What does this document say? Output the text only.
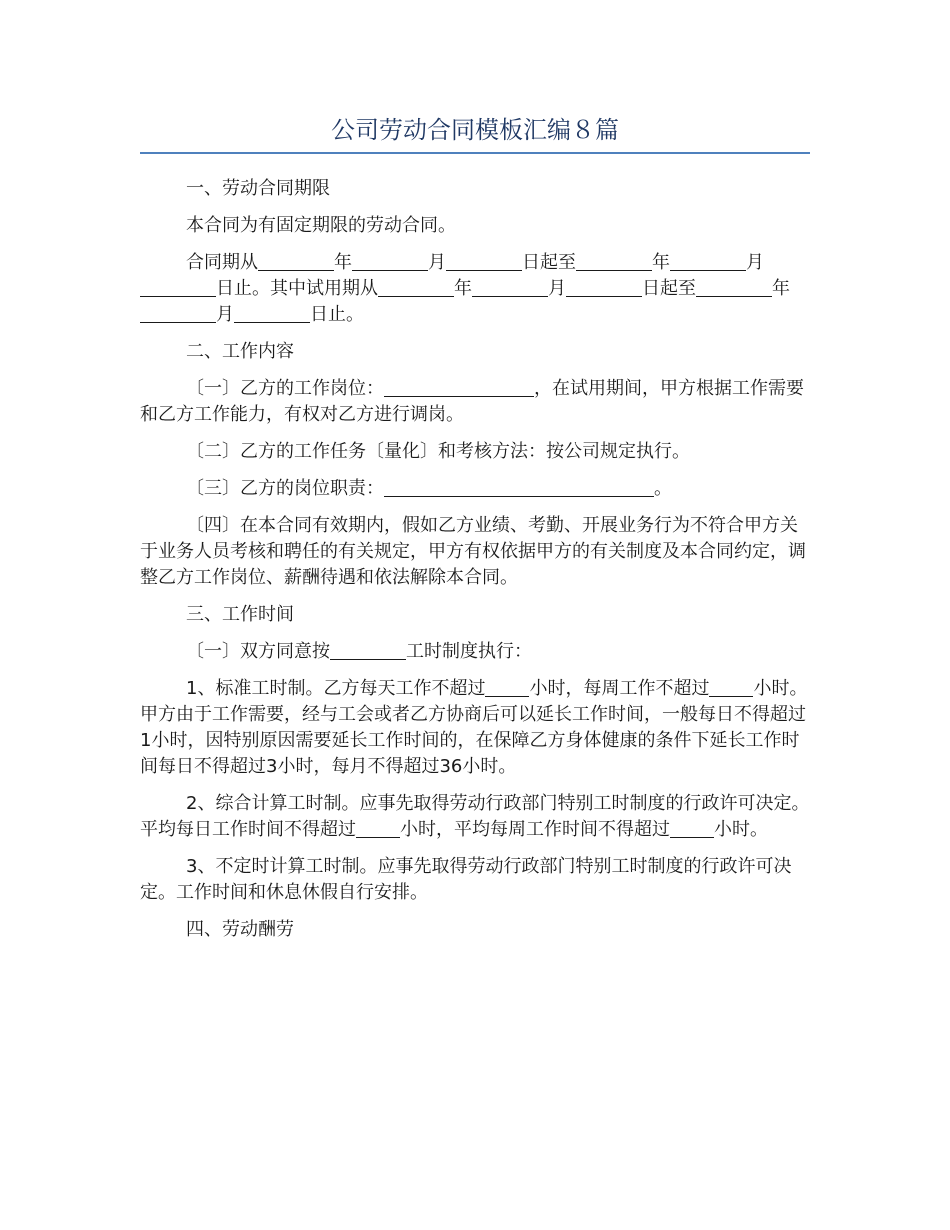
公司劳动合同模板汇编８篇

一、劳动合同期限

本合同为有固定期限的劳动合同。

合同期从	年	月	日起至	年	月日止。其中试用期从	年	月	日起至	年月	日止。

二、工作内容

〔一〕乙方的工作岗位：	，在试用期间，甲方根据工作需要和乙方工作能力，有权对乙方进行调岗。

〔二〕乙方的工作任务〔量化〕和考核方法：按公司规定执行。

〔三〕乙方的岗位职责：	。

〔四〕在本合同有效期内，假如乙方业绩、考勤、开展业务行为不符合甲方关于业务人员考核和聘任的有关规定，甲方有权依据甲方的有关制度及本合同约定，调整乙方工作岗位、薪酬待遇和依法解除本合同。

三、工作时间

〔一〕双方同意按	工时制度执行：

1、标准工时制。乙方每天工作不超过 小时，每周工作不超过 小时。甲方由于工作需要，经与工会或者乙方协商后可以延长工作时间，一般每日不得超过1小时，因特别原因需要延长工作时间的，在保障乙方身体健康的条件下延长工作时间每日不得超过3小时，每月不得超过36小时。

2、综合计算工时制。应事先取得劳动行政部门特别工时制度的行政许可决定。平均每日工作时间不得超过 小时，平均每周工作时间不得超过 小时。

3、不定时计算工时制。应事先取得劳动行政部门特别工时制度的行政许可决定。工作时间和休息休假自行安排。

四、劳动酬劳
